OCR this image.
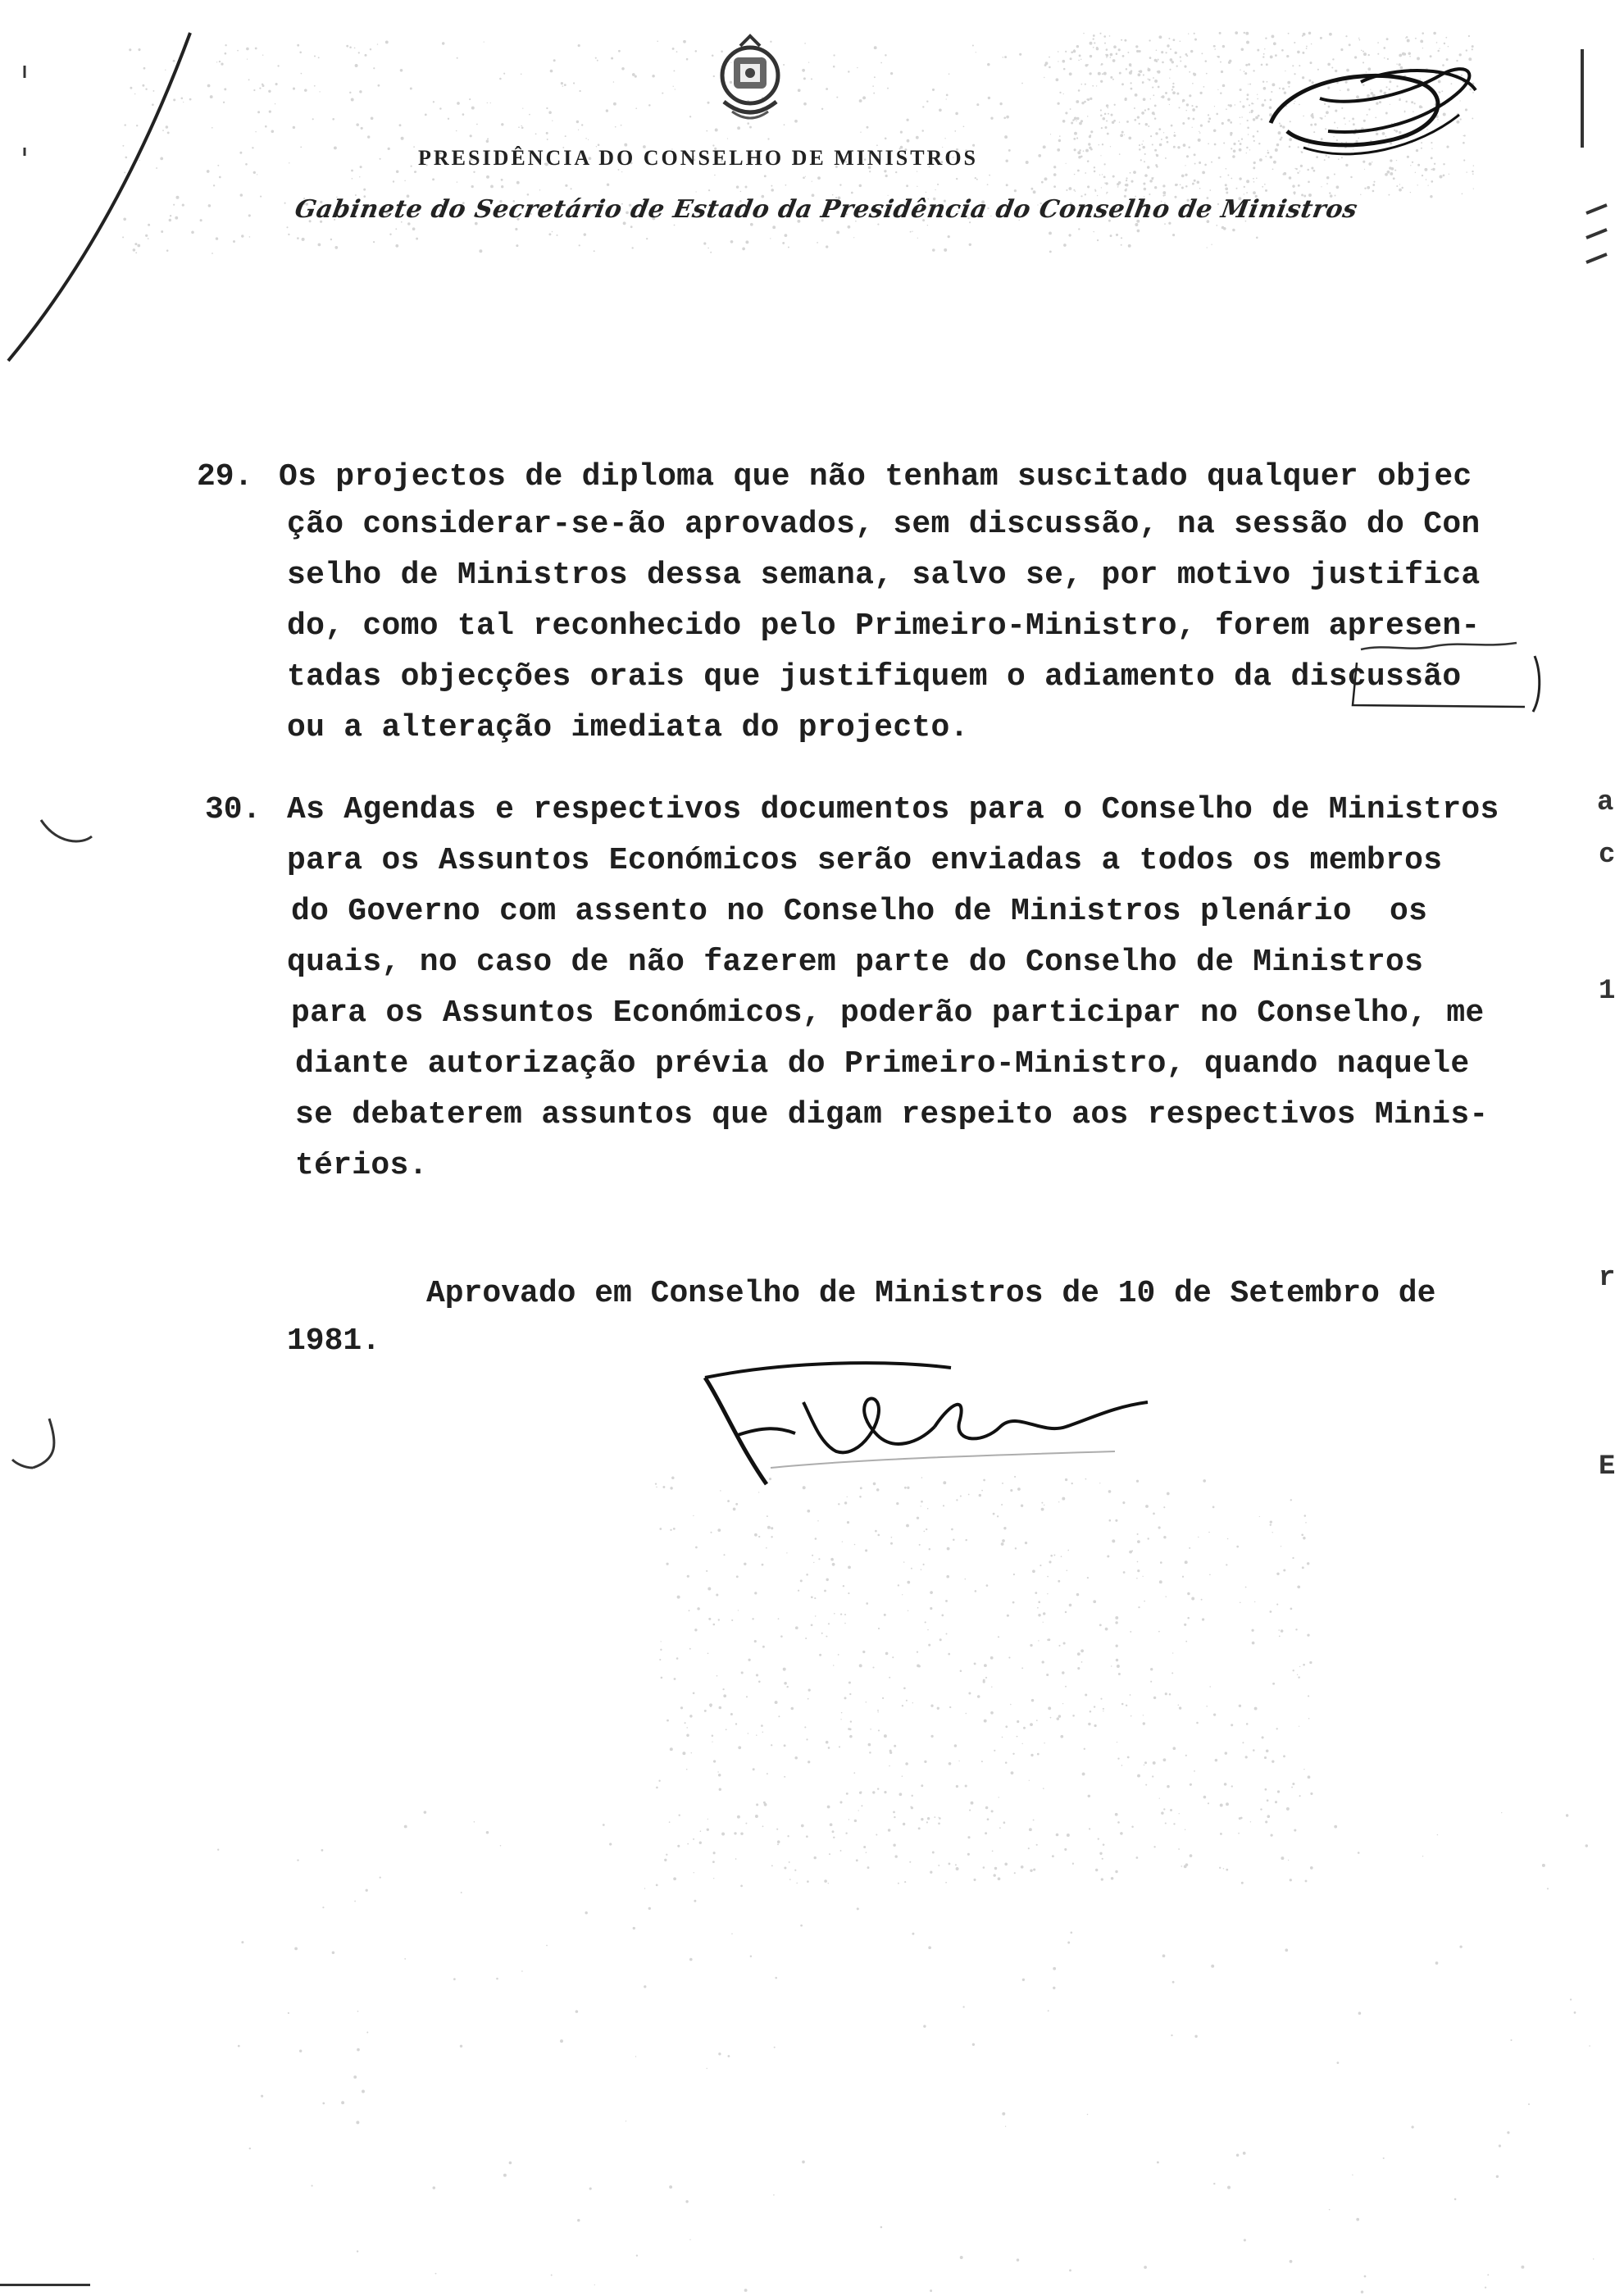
PRESIDÊNCIA DO CONSELHO DE MINISTROS
Gabinete do Secretário de Estado da Presidência do Conselho de Ministros
29. Os projectos de diploma que não tenham suscitado qualquer objec
ção considerar-se-ão aprovados, sem discussão, na sessão do Con
selho de Ministros dessa semana, salvo se, por motivo justifica
do, como tal reconhecido pelo Primeiro-Ministro, forem apresen-
tadas objecções orais que justifiquem o adiamento da discussão
ou a alteração imediata do projecto.
30. As Agendas e respectivos documentos para o Conselho de Ministros
para os Assuntos Económicos serão enviadas a todos os membros
do Governo com assento no Conselho de Ministros plenário  os
quais, no caso de não fazerem parte do Conselho de Ministros
para os Assuntos Económicos, poderão participar no Conselho, me
diante autorização prévia do Primeiro-Ministro, quando naquele
se debaterem assuntos que digam respeito aos respectivos Minis-
térios.
Aprovado em Conselho de Ministros de 10 de Setembro de
1981.
a
c
1
r
E
